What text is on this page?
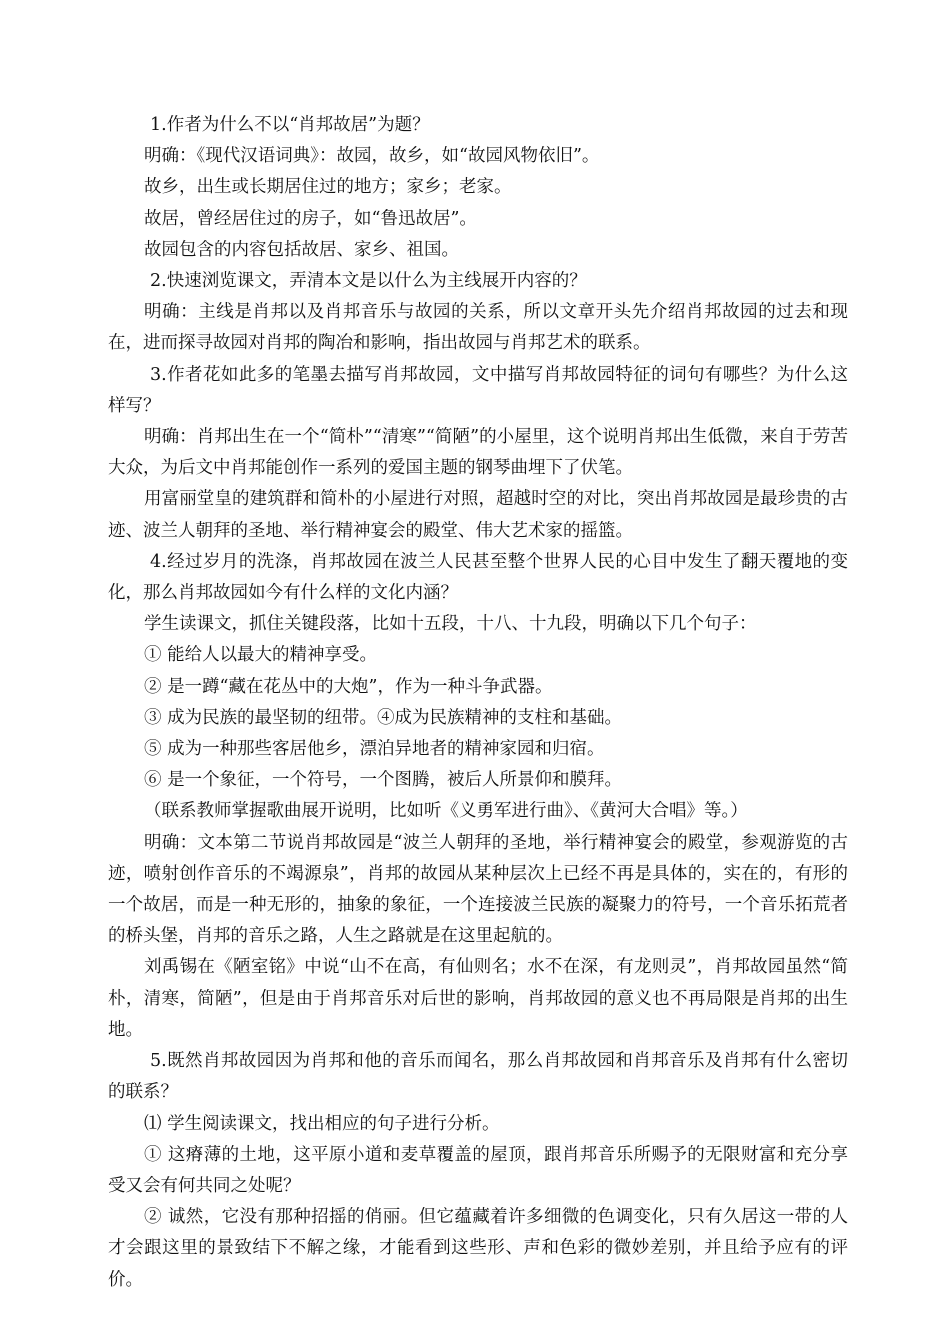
1.作者为什么不以“肖邦故居”为题？

明确：《现代汉语词典》：故园，故乡，如“故园风物依旧”。

故乡，出生或长期居住过的地方；家乡；老家。

故居，曾经居住过的房子，如“鲁迅故居”。

故园包含的内容包括故居、家乡、祖国。

2.快速浏览课文，弄清本文是以什么为主线展开内容的？

明确：主线是肖邦以及肖邦音乐与故园的关系，所以文章开头先介绍肖邦故园的过去和现在，进而探寻故园对肖邦的陶冶和影响，指出故园与肖邦艺术的联系。

3.作者花如此多的笔墨去描写肖邦故园，文中描写肖邦故园特征的词句有哪些？为什么这样写？

明确：肖邦出生在一个“简朴”“清寒”“简陋”的小屋里，这个说明肖邦出生低微，来自于劳苦大众，为后文中肖邦能创作一系列的爱国主题的钢琴曲埋下了伏笔。

用富丽堂皇的建筑群和简朴的小屋进行对照，超越时空的对比，突出肖邦故园是最珍贵的古迹、波兰人朝拜的圣地、举行精神宴会的殿堂、伟大艺术家的摇篮。

4.经过岁月的洗涤，肖邦故园在波兰人民甚至整个世界人民的心目中发生了翻天覆地的变化，那么肖邦故园如今有什么样的文化内涵？

学生读课文，抓住关键段落，比如十五段，十八、十九段，明确以下几个句子：

① 能给人以最大的精神享受。

② 是一蹲“藏在花丛中的大炮”，作为一种斗争武器。

③ 成为民族的最坚韧的纽带。④成为民族精神的支柱和基础。

⑤ 成为一种那些客居他乡，漂泊异地者的精神家园和归宿。

⑥ 是一个象征，一个符号，一个图腾，被后人所景仰和膜拜。

（联系教师掌握歌曲展开说明，比如听《义勇军进行曲》、《黄河大合唱》等。）

明确：文本第二节说肖邦故园是“波兰人朝拜的圣地，举行精神宴会的殿堂，参观游览的古迹，喷射创作音乐的不竭源泉”，肖邦的故园从某种层次上已经不再是具体的，实在的，有形的一个故居，而是一种无形的，抽象的象征，一个连接波兰民族的凝聚力的符号，一个音乐拓荒者的桥头堡，肖邦的音乐之路，人生之路就是在这里起航的。

刘禹锡在《陋室铭》中说“山不在高，有仙则名；水不在深，有龙则灵”，肖邦故园虽然“简朴，清寒，简陋”，但是由于肖邦音乐对后世的影响，肖邦故园的意义也不再局限是肖邦的出生地。

5.既然肖邦故园因为肖邦和他的音乐而闻名，那么肖邦故园和肖邦音乐及肖邦有什么密切的联系？

⑴ 学生阅读课文，找出相应的句子进行分析。

① 这瘠薄的土地，这平原小道和麦草覆盖的屋顶，跟肖邦音乐所赐予的无限财富和充分享受又会有何共同之处呢？

② 诚然，它没有那种招摇的俏丽。但它蕴藏着许多细微的色调变化，只有久居这一带的人才会跟这里的景致结下不解之缘，才能看到这些形、声和色彩的微妙差别，并且给予应有的评价。
